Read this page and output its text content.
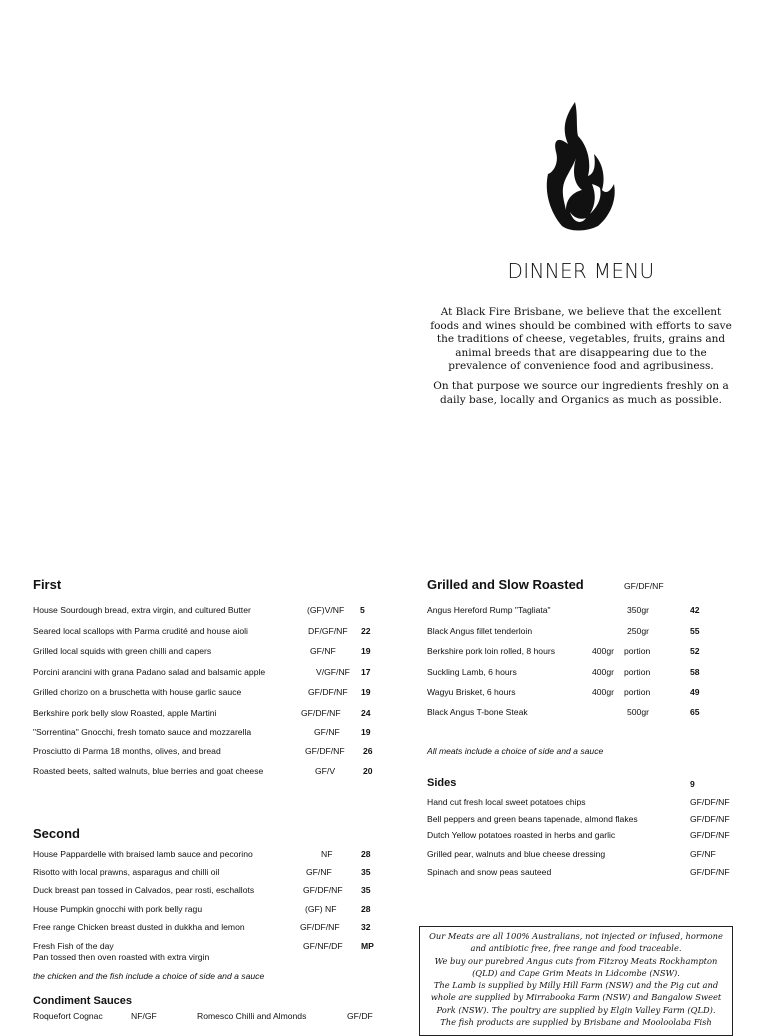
DINNER MENU
At Black Fire Brisbane, we believe that the excellent foods and wines should be combined with efforts to save the traditions of cheese, vegetables, fruits, grains and animal breeds that are disappearing due to the prevalence of convenience food and agribusiness.
On that purpose we source our ingredients freshly on a daily base, locally and Organics as much as possible.
First
House Sourdough bread, extra virgin, and cultured Butter	(GF)V/NF 5
Seared local scallops with Parma crudité and house aioli	DF/GF/NF 22
Grilled local squids with green chilli and capers	GF/NF	19
Porcini arancini with grana Padano salad and balsamic apple	V/GF/NF 17
Grilled chorizo on a bruschetta with house garlic sauce	GF/DF/NF 19
Berkshire pork belly slow Roasted, apple Martini	GF/DF/NF 24
"Sorrentina" Gnocchi, fresh tomato sauce and mozzarella	GF/NF 19
Prosciutto di Parma 18 months, olives, and bread	GF/DF/NF 26
Roasted beets, salted walnuts, blue berries and goat cheese	GF/V	20
Second
House Pappardelle with braised lamb sauce and pecorino	NF	28
Risotto with local prawns, asparagus and chilli oil	GF/NF	35
Duck breast pan tossed in Calvados, pear rosti, eschallots	GF/DF/NF 35
House Pumpkin gnocchi with pork belly ragu	(GF) NF	28
Free range Chicken breast dusted in dukkha and lemon	GF/DF/NF 32
Fresh Fish of the day	GF/NF/DF MP
Pan tossed then oven roasted with extra virgin
the chicken and the fish include a choice of side and a sauce
Condiment Sauces
Roquefort Cognac	NF/GF	Romesco Chilli and Almonds	GF/DF
Grilled and Slow Roasted	GF/DF/NF
Angus Hereford Rump "Tagliata"	350gr	42
Black Angus fillet tenderloin	250gr	55
Berkshire pork loin rolled, 8 hours	400gr portion	52
Suckling Lamb, 6 hours	400gr portion	58
Wagyu Brisket, 6 hours	400gr portion	49
Black Angus T-bone Steak	500gr	65
All meats include a choice of side and a sauce
Sides	9
Hand cut fresh local sweet potatoes chips	GF/DF/NF
Bell peppers and green beans tapenade, almond flakes	GF/DF/NF
Dutch Yellow potatoes roasted in herbs and garlic	GF/DF/NF
Grilled pear, walnuts and blue cheese dressing	GF/NF
Spinach and snow peas sauteed	GF/DF/NF

Our Meats are all 100% Australians, not injected or infused, hormone and antibiotic free, free range and food traceable.

We buy our purebred Angus cuts from Fitzroy Meats Rockhampton (QLD) and Cape Grim Meats in Lidcombe (NSW).

The Lamb is supplied by Milly Hill Farm (NSW) and the Pig cut and whole are supplied by Mirrabooka Farm (NSW) and Bangalow Sweet Pork (NSW). The poultry are supplied by Elgin Valley Farm (QLD).

The fish products are supplied by Brisbane and Mooloolaba Fish
